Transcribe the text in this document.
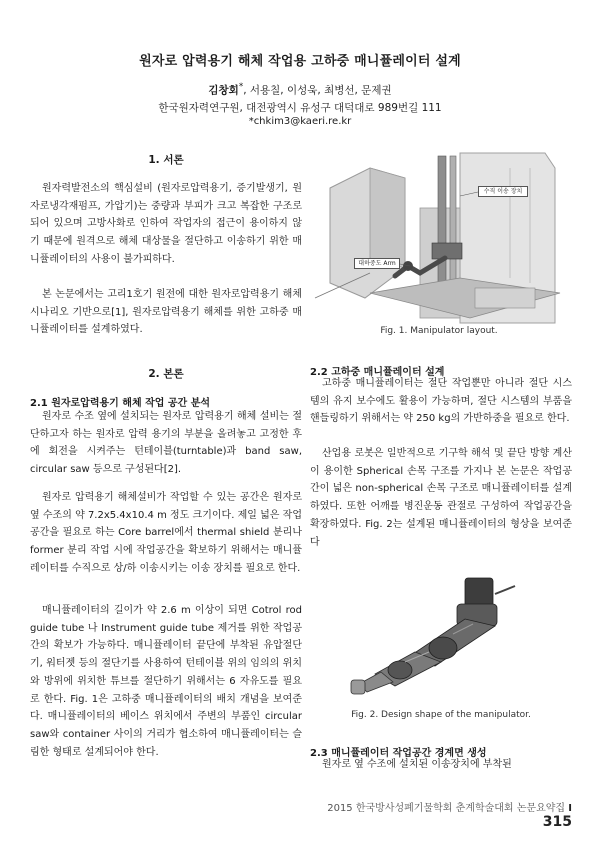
원자로 압력용기 해체 작업용 고하중 매니퓰레이터 설계
김창회*, 서용칠, 이성욱, 최병선, 문제권
한국원자력연구원, 대전광역시 유성구 대덕대로 989번길 111
*chkim3@kaeri.re.kr
1. 서론
원자력발전소의 핵심설비 (원자로압력용기, 증기발생기, 원자로냉각재펌프, 가압기)는 중량과 부피가 크고 복잡한 구조로 되어 있으며 고방사화로 인하여 작업자의 접근이 용이하지 않기 때문에 원격으로 해체 대상물을 절단하고 이송하기 위한 매니퓰레이터의 사용이 불가피하다.
본 논문에서는 고리1호기 원전에 대한 원자로압력용기 해체 시나리오 기반으로[1], 원자로압력용기 해체를 위한 고하중 매니퓰레이터를 설계하였다.
2. 본론
2.1 원자로압력용기 해체 작업 공간 분석
원자로 수조 옆에 설치되는 원자로 압력용기 해체 설비는 절단하고자 하는 원자로 압력 용기의 부분을 올려놓고 고정한 후에 회전을 시켜주는 턴테이블(turntable)과 band saw, circular saw 등으로 구성된다[2].
원자로 압력용기 해체설비가 작업할 수 있는 공간은 원자로 옆 수조의 약 7.2x5.4x10.4 m 정도 크기이다. 제일 넓은 작업 공간을 필요로 하는 Core barrel에서 thermal shield 분리나 former 분리 작업 시에 작업공간을 확보하기 위해서는 매니퓰레이터를 수직으로 상/하 이송시키는 이송 장치를 필요로 한다.
매니퓰레이터의 길이가 약 2.6 m 이상이 되면 Cotrol rod guide tube 나 Instrument guide tube 제거를 위한 작업공간의 확보가 가능하다. 매니퓰레이터 끝단에 부착된 유압절단기, 워터젯 등의 절단기를 사용하여 턴테이블 위의 임의의 위치와 방위에 위치한 튜브를 절단하기 위해서는 6 자유도를 필요로 한다. Fig. 1은 고하중 매니퓰레이터의 배치 개념을 보여준다. 매니퓰레이터의 베이스 위치에서 주변의 부품인 circular saw와 container 사이의 거리가 협소하여 매니퓰레이터는 슬림한 형태로 설계되어야 한다.
수직 이송 장치
대하중도 Arm
Fig. 1. Manipulator layout.
2.2 고하중 매니퓰레이터 설계
고하중 매니퓰레이터는 절단 작업뿐만 아니라 절단 시스템의 유지 보수에도 활용이 가능하며, 절단 시스템의 부품을 핸들링하기 위해서는 약 250 kg의 가반하중을 필요로 한다.
산업용 로봇은 일반적으로 기구학 해석 및 끝단 방향 계산이 용이한 Spherical 손목 구조를 가지나 본 논문은 작업공간이 넓은 non-spherical 손목 구조로 매니퓰레이터를 설계하였다. 또한 어깨를 병진운동 관절로 구성하여 작업공간을 확장하였다. Fig. 2는 설계된 매니퓰레이터의 형상을 보여준다
Fig. 2. Design shape of the manipulator.
2.3 매니퓰레이터 작업공간 경계면 생성
원자로 옆 수조에 설치된 이송장치에 부착된
2015 한국방사성폐기물학회 춘계학술대회 논문요약집 I 315
